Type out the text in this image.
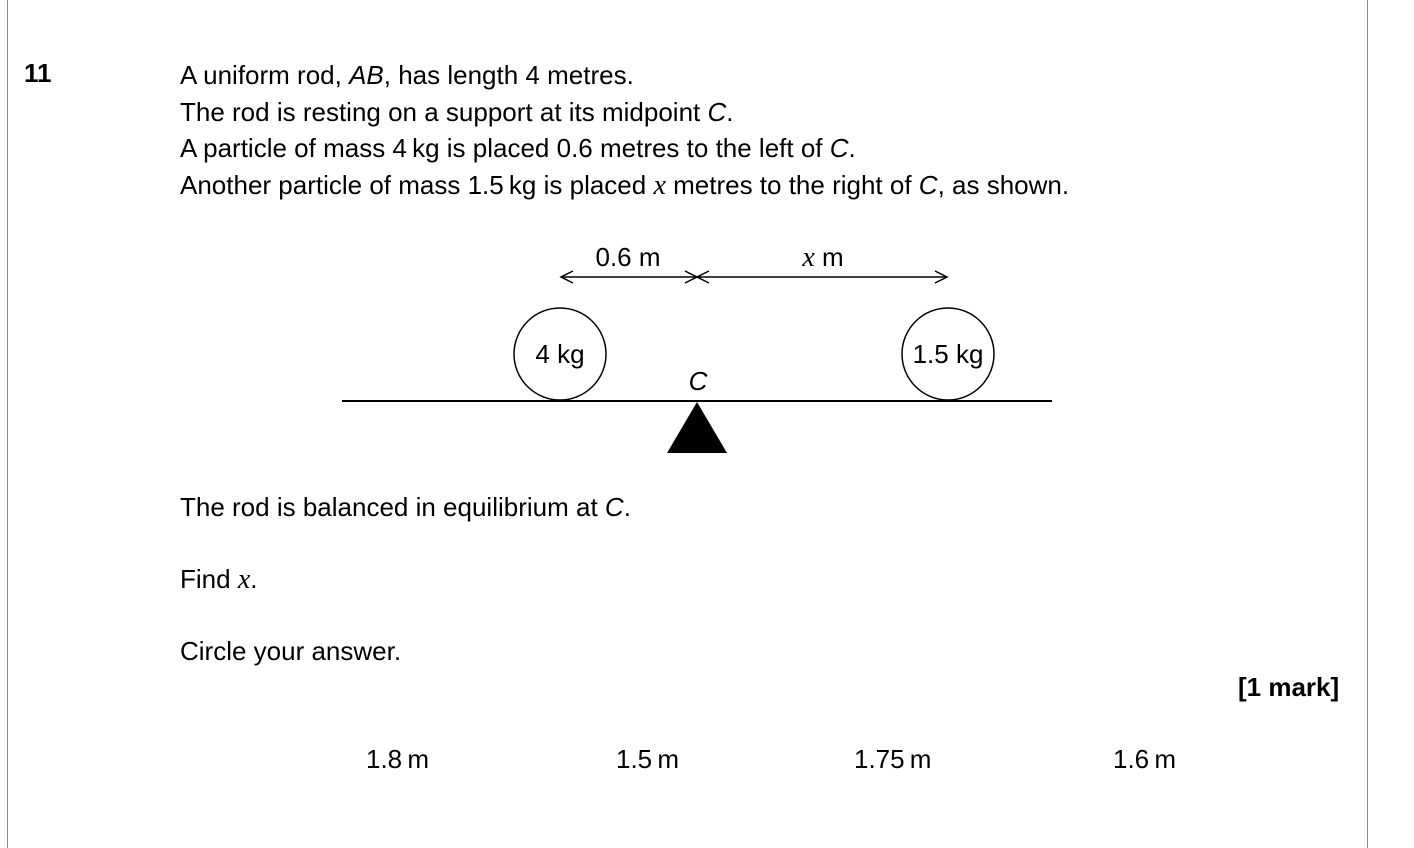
11	A uniform rod, AB, has length 4 metres.
The rod is resting on a support at its midpoint C.
A particle of mass 4 kg is placed 0.6 metres to the left of C.
Another particle of mass 1.5 kg is placed x metres to the right of C, as shown.
0.6 m	x m
4 kg	1.5 kg
C
The rod is balanced in equilibrium at C.
Find x.
Circle your answer.
[1 mark]
1.8 m	1.5 m	1.75 m	1.6 m
